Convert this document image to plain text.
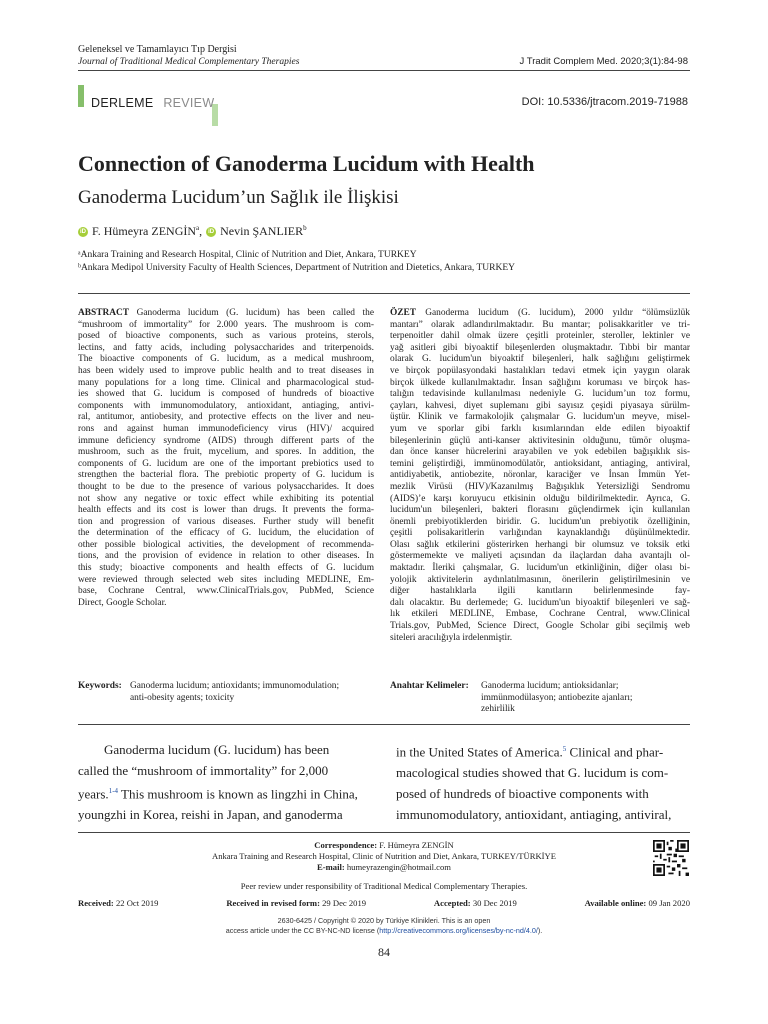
Geleneksel ve Tamamlayıcı Tıp Dergisi
Journal of Traditional Medical Complementary Therapies	J Tradit Complem Med. 2020;3(1):84-98
DERLEME REVIEW	DOI: 10.5336/jtracom.2019-71988
Connection of Ganoderma Lucidum with Health
Ganoderma Lucidum’un Sağlık ile İlişkisi
iD F. Hümeyra ZENGİN$^a$,	iD Nevin ŞANLIER$^b$
ᵃAnkara Training and Research Hospital, Clinic of Nutrition and Diet, Ankara, TURKEY
ᵇAnkara Medipol University Faculty of Health Sciences, Department of Nutrition and Dietetics, Ankara, TURKEY
ABSTRACT Ganoderma lucidum (G. lucidum) has been called the
“mushroom of immortality” for 2.000 years. The mushroom is com-
posed of bioactive components, such as various proteins, sterols,
lectins, and fatty acids, including polysaccharides and triterpenoids.
The bioactive components of G. lucidum, as a medical mushroom,
has been widely used to improve public health and to treat diseases in
many populations for a long time. Clinical and pharmacological stud-
ies showed that G. lucidum is composed of hundreds of bioactive
components with immunomodulatory, antioxidant, antiaging, antivi-
ral, antitumor, antiobesity, and protective effects on the liver and neu-
rons and against human immunodeficiency virus (HIV)/ acquired
immune deficiency syndrome (AIDS) through different parts of the
mushroom, such as the fruit, mycelium, and spores. In addition, the
components of G. lucidum are one of the important prebiotics used to
strengthen the bacterial flora. The prebiotic property of G. lucidum is
thought to be due to the presence of various polysaccharides. It does
not show any negative or toxic effect while exhibiting its potential
health effects and its cost is lower than drugs. It prevents the forma-
tion and progression of various diseases. Further study will benefit
the determination of the efficacy of G. lucidum, the elucidation of
other possible biological activities, the development of recommenda-
tions, and the provision of evidence in relation to other diseases. In
this study; bioactive components and health effects of G. lucidum
were reviewed through selected web sites including MEDLINE, Em-
base, Cochrane Central, www.ClinicalTrials.gov, PubMed, Science
Direct, Google Scholar.
Keywords: Ganoderma lucidum; antioxidants; immunomodulation;
anti-obesity agents; toxicity
ÖZET Ganoderma lucidum (G. lucidum), 2000 yıldır “ölümsüzlük
mantarı” olarak adlandırılmaktadır. Bu mantar; polisakkaritler ve tri-
terpenoitler dahil olmak üzere çeşitli proteinler, steroller, lektinler ve
yağ asitleri gibi biyoaktif bileşenlerden oluşmaktadır. Tıbbi bir mantar
olarak G. lucidum'un biyoaktif bileşenleri, halk sağlığını geliştirmek
ve birçok popülasyondaki hastalıkları tedavi etmek için yaygın olarak
birçok ülkede kullanılmaktadır. İnsan sağlığını koruması ve birçok has-
talığın tedavisinde kullanılması nedeniyle G. lucidum’un toz formu,
çayları, kahvesi, diyet suplemanı gibi sayısız çeşidi piyasaya sürülm-
üştür. Klinik ve farmakolojik çalışmalar G. lucidum'un meyve, misel-
yum ve sporlar gibi farklı kısımlarından elde edilen biyoaktif
bileşenlerinin güçlü anti-kanser aktivitesinin olduğunu, tümör oluşma-
dan önce kanser hücrelerini arayabilen ve yok edebilen bağışıklık sis-
temini geliştirdiği, immünomodülatör, antioksidant, antiaging, antiviral,
antidiyabetik, antiobezite, nöronlar, karaciğer ve İnsan İmmün Yet-
mezlik Virüsü (HIV)/Kazanılmış Bağışıklık Yetersizliği Sendromu
(AIDS)’e karşı koruyucu etkisinin olduğu bildirilmektedir. Ayrıca, G.
lucidum'un bileşenleri, bakteri florasını güçlendirmek için kullanılan
önemli prebiyotiklerden biridir. G. lucidum'un prebiyotik özelliğinin,
çeşitli polisakaritlerin varlığından kaynaklandığı düşünülmektedir.
Olası sağlık etkilerini gösterirken herhangi bir olumsuz ve toksik etki
göstermemekte ve maliyeti açısından da ilaçlardan daha avantajlı ol-
maktadır. İleriki çalışmalar, G. lucidum'un etkinliğinin, diğer olası bi-
yolojik aktivitelerin aydınlatılmasının, önerilerin geliştirilmesinin ve
diğer hastalıklarla ilgili kanıtların belirlenmesinde fay-
dalı olacaktır. Bu derlemede; G. lucidum'un biyoaktif bileşenleri ve sağ-
lık etkileri MEDLINE, Embase, Cochrane Central, www.Clinical
Trials.gov, PubMed, Science Direct, Google Scholar gibi seçilmiş web
siteleri aracılığıyla irdelenmiştir.
Anahtar Kelimeler: Ganoderma lucidum; antioksidanlar;
immünmodülasyon; antiobezite ajanları;
zehirlilik
Ganoderma lucidum (G. lucidum) has been
called the “mushroom of immortality” for 2,000
years.$^{1-4}$ This mushroom is known as lingzhi in China,
youngzhi in Korea, reishi in Japan, and ganoderma
in the United States of America.$^5$ Clinical and phar-
macological studies showed that G. lucidum is com-
posed of hundreds of bioactive components with
immunomodulatory, antioxidant, antiaging, antiviral,
Correspondence: F. Hümeyra ZENGİN
Ankara Training and Research Hospital, Clinic of Nutrition and Diet, Ankara, TURKEY/TÜRKİYE
E-mail: humeyrazengin@hotmail.com
Peer review under responsibility of Traditional Medical Complementary Therapies.
Received: 22 Oct 2019	Received in revised form: 29 Dec 2019	Accepted: 30 Dec 2019	Available online: 09 Jan 2020
2630-6425 / Copyright © 2020 by Türkiye Klinikleri. This is an open
access article under the CC BY-NC-ND license (http://creativecommons.org/licenses/by-nc-nd/4.0/).
84
